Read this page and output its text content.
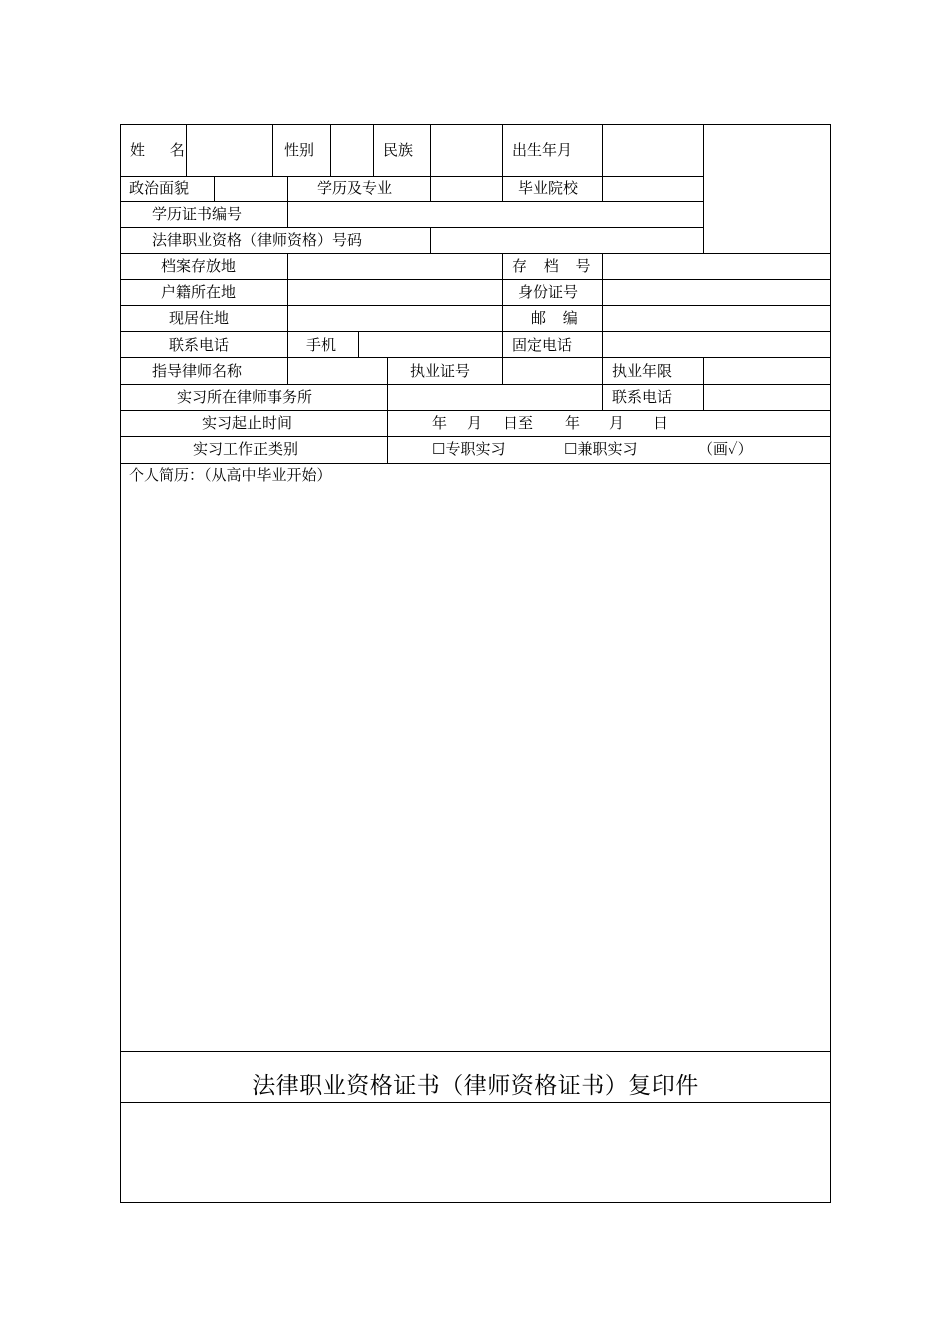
姓 名	性别	民族	出生年月
政治面貌	学历及专业	毕业院校
学历证书编号
法律职业资格（律师资格）号码
档案存放地	存 档 号
户籍所在地	身份证号
现居住地	邮 编
联系电话	手机	固定电话
指导律师名称	执业证号	执业年限
实习所在律师事务所	联系电话
实习起止时间	年 月 日至 年 月 日
实习工作正类别	☐专职实习	☐兼职实习	（画✓）
个人简历：（从高中毕业开始）
法律职业资格证书（律师资格证书）复印件
